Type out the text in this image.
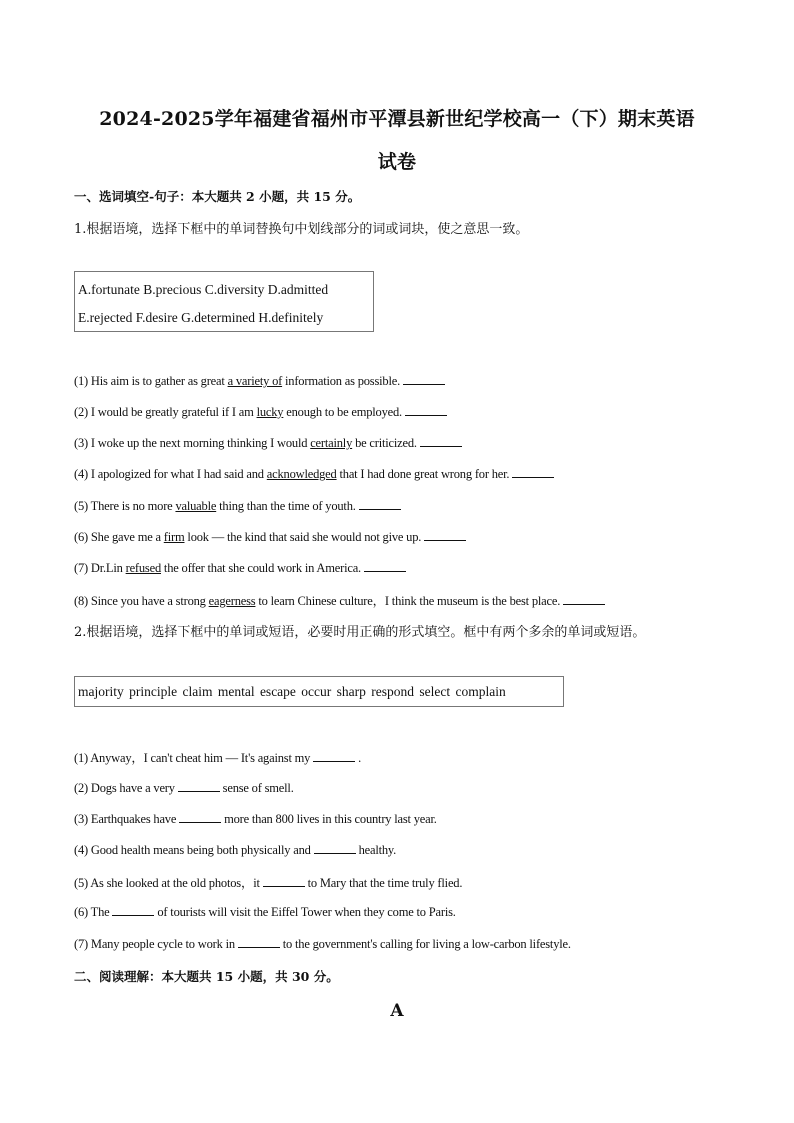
2024-2025学年福建省福州市平潭县新世纪学校高一（下）期末英语
试卷
一、选词填空-句子：本大题共 2 小题，共 15 分。
1.根据语境，选择下框中的单词替换句中划线部分的词或词块，使之意思一致。
A.fortunate B.precious C.diversity D.admitted
E.rejected F.desire G.determined H.definitely
(1) His aim is to gather as great a variety of information as possible.
(2) I would be greatly grateful if I am lucky enough to be employed.
(3) I woke up the next morning thinking I would certainly be criticized.
(4) I apologized for what I had said and acknowledged that I had done great wrong for her.
(5) There is no more valuable thing than the time of youth.
(6) She gave me a firm look — the kind that said she would not give up.
(7) Dr.Lin refused the offer that she could work in America.
(8) Since you have a strong eagerness to learn Chinese culture，I think the museum is the best place.
2.根据语境，选择下框中的单词或短语，必要时用正确的形式填空。框中有两个多余的单词或短语。
majority principle claim mental escape occur sharp respond select complain
(1) Anyway，I can't cheat him — It's against my	.
(2) Dogs have a very	sense of smell.
(3) Earthquakes have	more than 800 lives in this country last year.
(4) Good health means being both physically and	healthy.
(5) As she looked at the old photos，it	to Mary that the time truly flied.
(6) The	of tourists will visit the Eiffel Tower when they come to Paris.
(7) Many people cycle to work in	to the government's calling for living a low-carbon lifestyle.
二、阅读理解：本大题共 15 小题，共 30 分。
A
